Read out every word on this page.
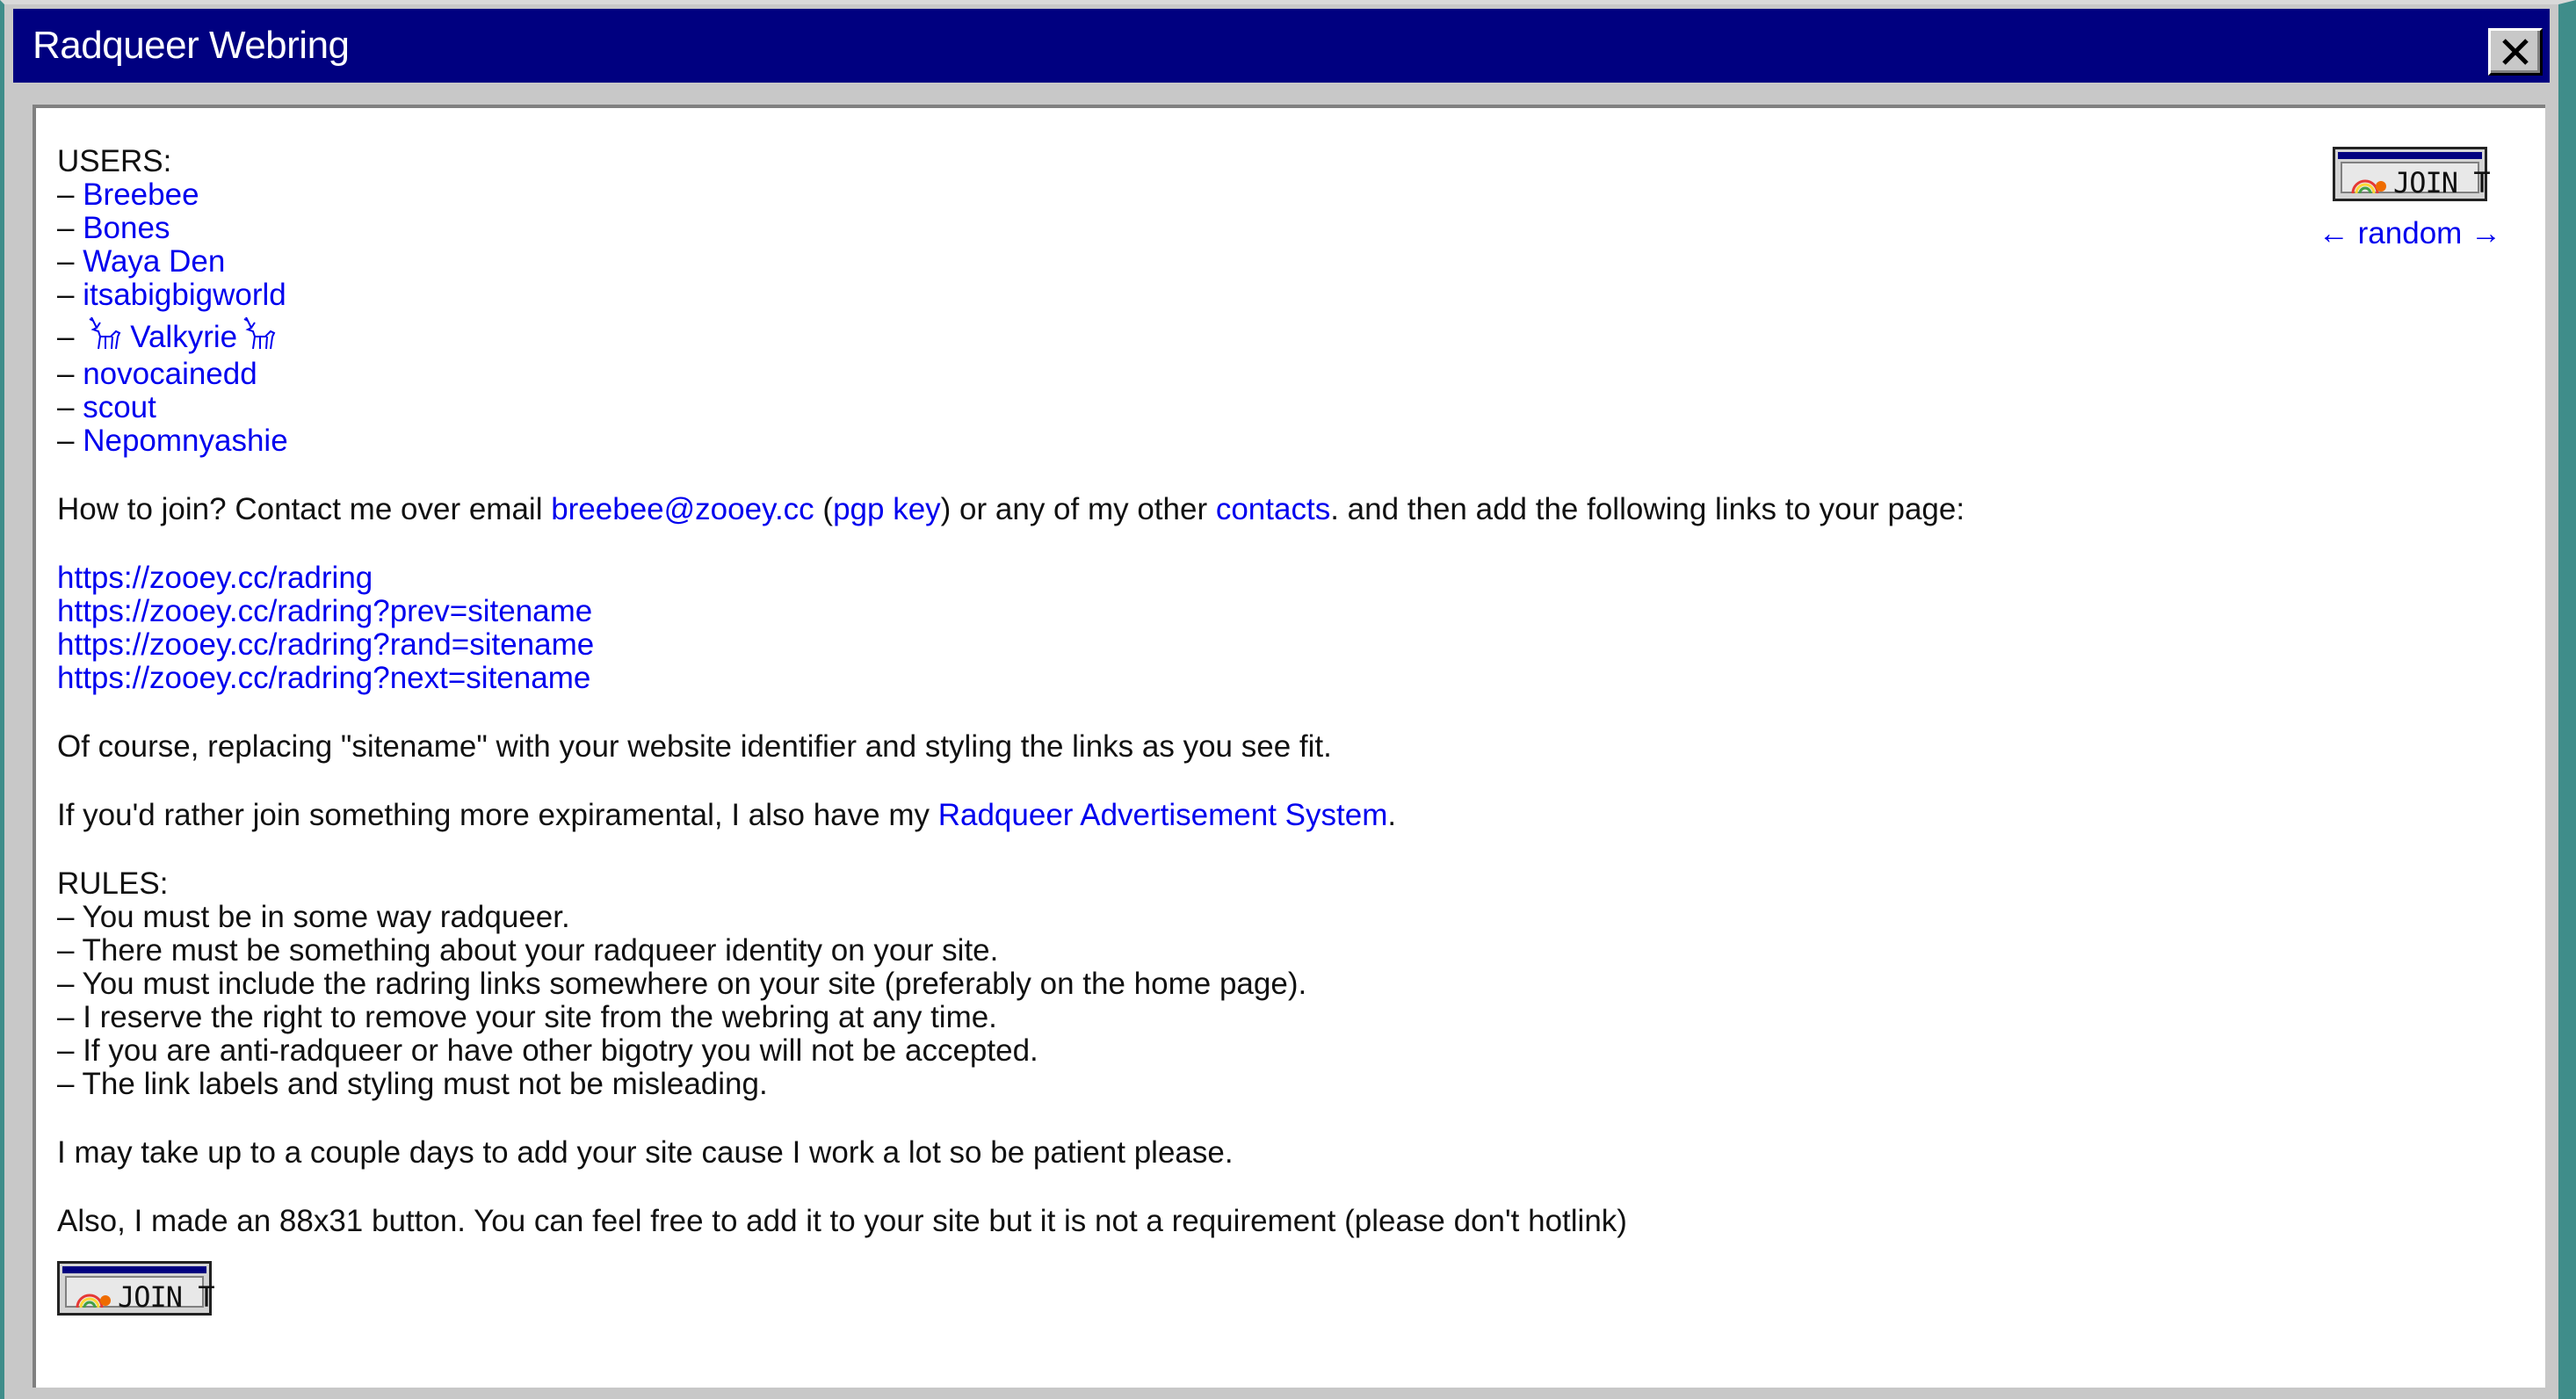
Radqueer Webring
USERS:
– Breebee
– Bones
– Waya Den
– itsabigbigworld
– Valkyrie
– novocainedd
– scout
– Nepomnyashie
How to join? Contact me over email breebee@zooey.cc (pgp key) or any of my other contacts. and then add the following links to your page:
https://zooey.cc/radring
https://zooey.cc/radring?prev=sitename
https://zooey.cc/radring?rand=sitename
https://zooey.cc/radring?next=sitename
Of course, replacing "sitename" with your website identifier and styling the links as you see fit.
If you'd rather join something more expiramental, I also have my Radqueer Advertisement System.
RULES:
– You must be in some way radqueer.
– There must be something about your radqueer identity on your site.
– You must include the radring links somewhere on your site (preferably on the home page).
– I reserve the right to remove your site from the webring at any time.
– If you are anti-radqueer or have other bigotry you will not be accepted.
– The link labels and styling must not be misleading.
I may take up to a couple days to add your site cause I work a lot so be patient please.
Also, I made an 88x31 button. You can feel free to add it to your site but it is not a requirement (please don't hotlink)
JOIN T
JOIN T
← random →
